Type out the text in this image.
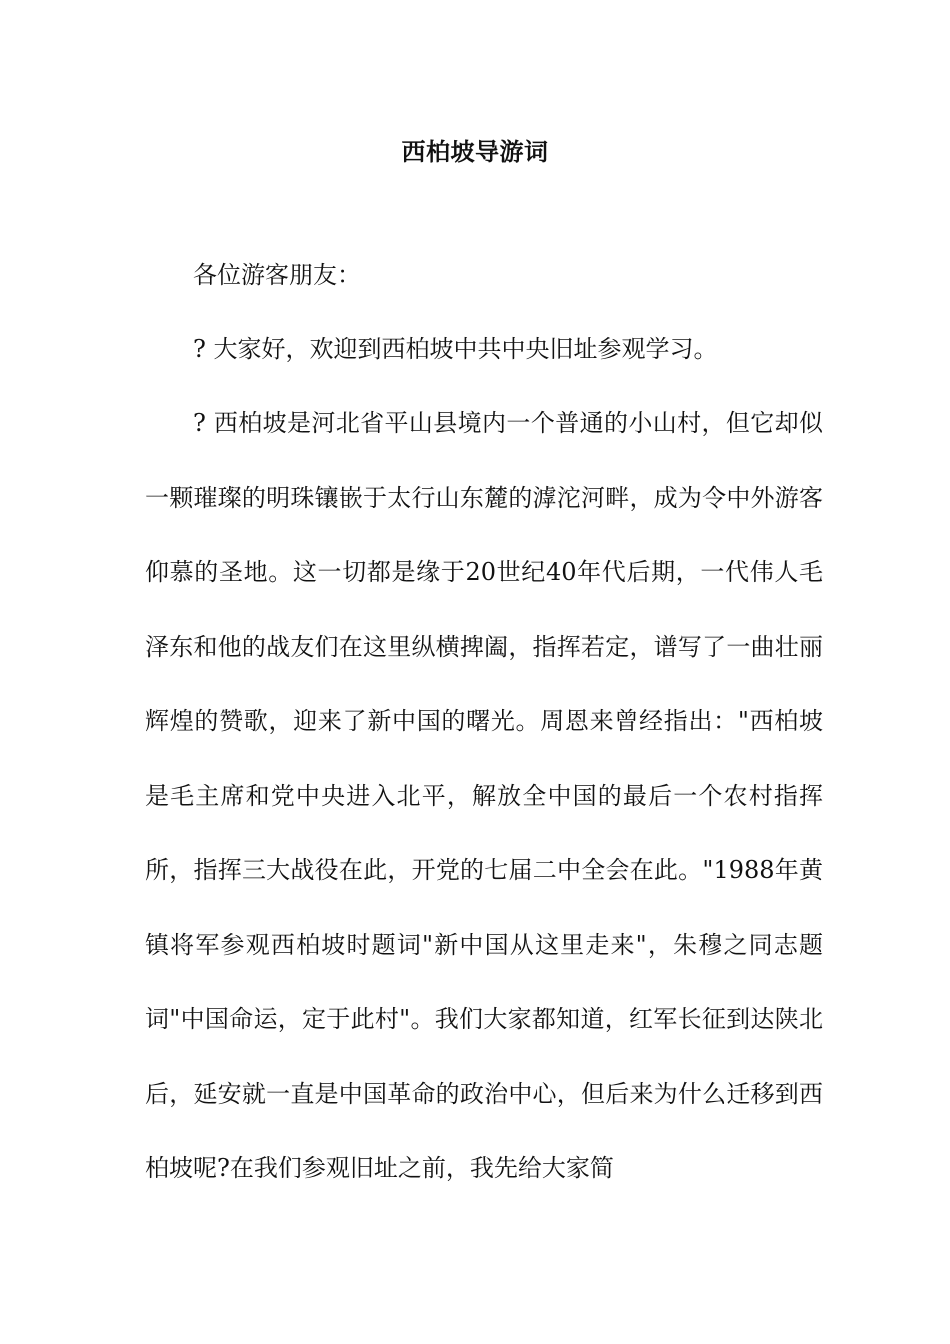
西柏坡导游词

各位游客朋友：

? 大家好，欢迎到西柏坡中共中央旧址参观学习。

? 西柏坡是河北省平山县境内一个普通的小山村，但它却似一颗璀璨的明珠镶嵌于太行山东麓的滹沱河畔，成为令中外游客仰慕的圣地。这一切都是缘于20世纪40年代后期，一代伟人毛泽东和他的战友们在这里纵横捭阖，指挥若定，谱写了一曲壮丽辉煌的赞歌，迎来了新中国的曙光。周恩来曾经指出："西柏坡是毛主席和党中央进入北平，解放全中国的最后一个农村指挥所，指挥三大战役在此，开党的七届二中全会在此。"1988年黄镇将军参观西柏坡时题词"新中国从这里走来"，朱穆之同志题词"中国命运，定于此村"。我们大家都知道，红军长征到达陕北后，延安就一直是中国革命的政治中心，但后来为什么迁移到西柏坡呢?在我们参观旧址之前，我先给大家简
